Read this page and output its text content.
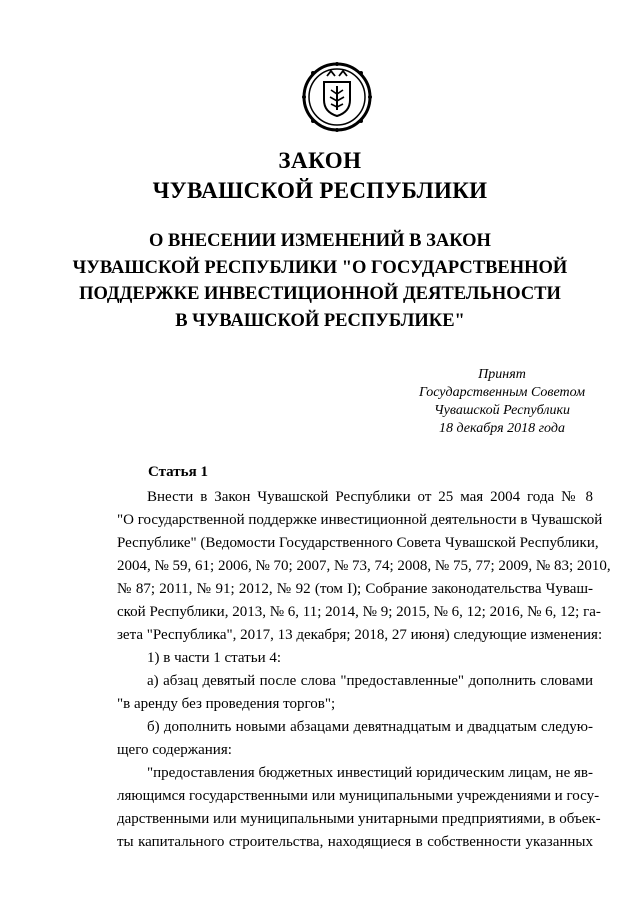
ЗАКОН
ЧУВАШСКОЙ РЕСПУБЛИКИ
О ВНЕСЕНИИ ИЗМЕНЕНИЙ В ЗАКОН
ЧУВАШСКОЙ РЕСПУБЛИКИ "О ГОСУДАРСТВЕННОЙ
ПОДДЕРЖКЕ ИНВЕСТИЦИОННОЙ ДЕЯТЕЛЬНОСТИ
В ЧУВАШСКОЙ РЕСПУБЛИКЕ"
Принят
Государственным Советом
Чувашской Республики
18 декабря 2018 года
Статья 1

Внести в Закон Чувашской Республики от 25 мая 2004 года № 8
"О государственной поддержке инвестиционной деятельности в Чувашской
Республике" (Ведомости Государственного Совета Чувашской Республики,
2004, № 59, 61; 2006, № 70; 2007, № 73, 74; 2008, № 75, 77; 2009, № 83; 2010,
№ 87; 2011, № 91; 2012, № 92 (том I); Собрание законодательства Чуваш-
ской Республики, 2013, № 6, 11; 2014, № 9; 2015, № 6, 12; 2016, № 6, 12; га-
зета "Республика", 2017, 13 декабря; 2018, 27 июня) следующие изменения:

1) в части 1 статьи 4:

а) абзац девятый после слова "предоставленные" дополнить словами
"в аренду без проведения торгов";

б) дополнить новыми абзацами девятнадцатым и двадцатым следую-
щего содержания:

"предоставления бюджетных инвестиций юридическим лицам, не яв-
ляющимся государственными или муниципальными учреждениями и госу-
дарственными или муниципальными унитарными предприятиями, в объек-
ты капитального строительства, находящиеся в собственности указанных
